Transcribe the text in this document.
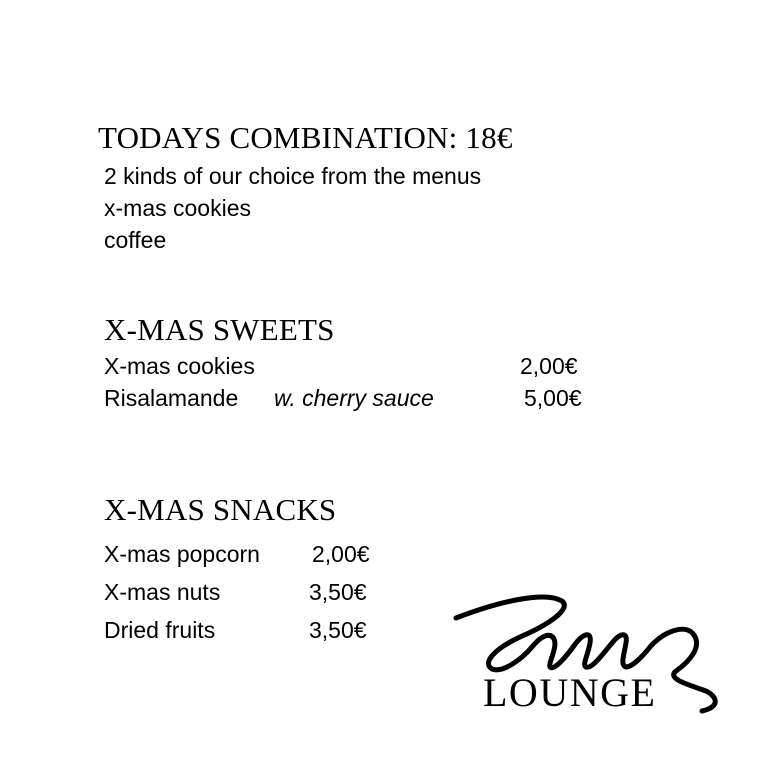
TODAYS COMBINATION: 18€
2 kinds of our choice from the menus
x-mas cookies
coffee
X-MAS SWEETS
X-mas cookies	2,00€
Risalamande w. cherry sauce	5,00€
X-MAS SNACKS
X-mas popcorn 2,00€
X-mas nuts	3,50€
Dried fruits	3,50€
LOUNGE
